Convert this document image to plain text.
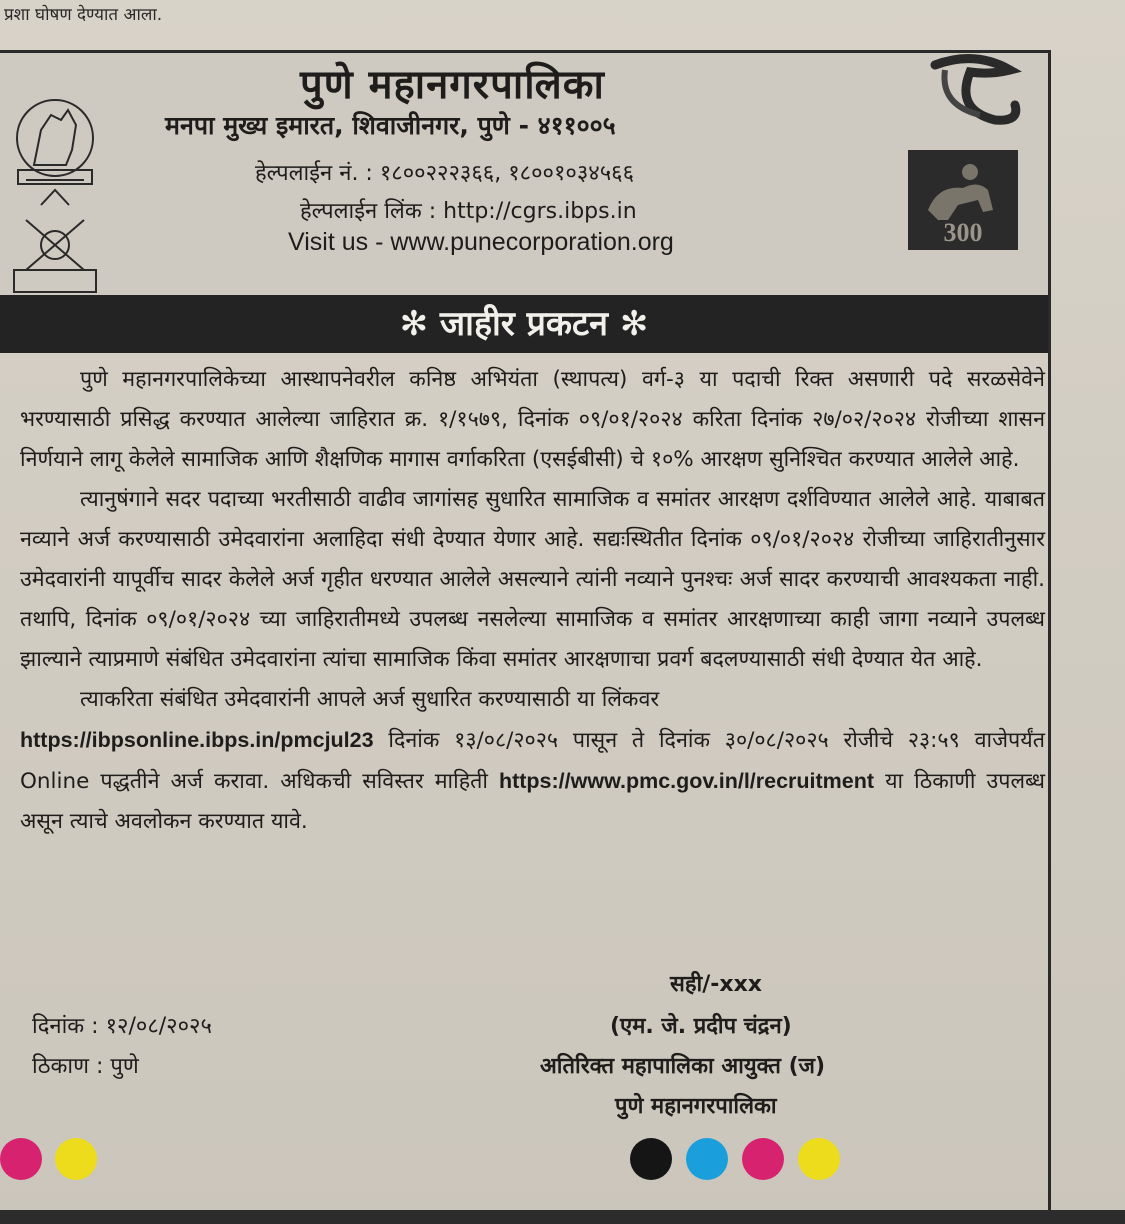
प्रशा घोषण देण्यात आला.
300
पुणे महानगरपालिका
मनपा मुख्य इमारत, शिवाजीनगर, पुणे - ४११००५
हेल्पलाईन नं. : १८००२२२३६६, १८००१०३४५६६
हेल्पलाईन लिंक : http://cgrs.ibps.in
Visit us - www.punecorporation.org
✻ जाहीर प्रकटन ✻

पुणे महानगरपालिकेच्या आस्थापनेवरील कनिष्ठ अभियंता (स्थापत्य) वर्ग-३ या पदाची रिक्त असणारी पदे सरळसेवेने भरण्यासाठी प्रसिद्ध करण्यात आलेल्या जाहिरात क्र. १/१५७९, दिनांक ०९/०१/२०२४ करिता दिनांक २७/०२/२०२४ रोजीच्या शासन निर्णयाने लागू केलेले सामाजिक आणि शैक्षणिक मागास वर्गाकरिता (एसईबीसी) चे १०% आरक्षण सुनिश्चित करण्यात आलेले आहे.

त्यानुषंगाने सदर पदाच्या भरतीसाठी वाढीव जागांसह सुधारित सामाजिक व समांतर आरक्षण दर्शविण्यात आलेले आहे. याबाबत नव्याने अर्ज करण्यासाठी उमेदवारांना अलाहिदा संधी देण्यात येणार आहे. सद्यःस्थितीत दिनांक ०९/०१/२०२४ रोजीच्या जाहिरातीनुसार उमेदवारांनी यापूर्वीच सादर केलेले अर्ज गृहीत धरण्यात आलेले असल्याने त्यांनी नव्याने पुनश्चः अर्ज सादर करण्याची आवश्यकता नाही. तथापि, दिनांक ०९/०१/२०२४ च्या जाहिरातीमध्ये उपलब्ध नसलेल्या सामाजिक व समांतर आरक्षणाच्या काही जागा नव्याने उपलब्ध झाल्याने त्याप्रमाणे संबंधित उमेदवारांना त्यांचा सामाजिक किंवा समांतर आरक्षणाचा प्रवर्ग बदलण्यासाठी संधी देण्यात येत आहे.

त्याकरिता संबंधित उमेदवारांनी आपले अर्ज सुधारित करण्यासाठी या लिंकवर
https://ibpsonline.ibps.in/pmcjul23 दिनांक १३/०८/२०२५ पासून ते दिनांक ३०/०८/२०२५ रोजीचे २३:५९ वाजेपर्यंत Online पद्धतीने अर्ज करावा. अधिकची सविस्तर माहिती https://www.pmc.gov.in/l/recruitment या ठिकाणी उपलब्ध असून त्याचे अवलोकन करण्यात यावे.

सही/-xxx
दिनांक : १२/०८/२०२५	(एम. जे. प्रदीप चंद्रन)
ठिकाण : पुणे	अतिरिक्त महापालिका आयुक्त (ज)
पुणे महानगरपालिका
